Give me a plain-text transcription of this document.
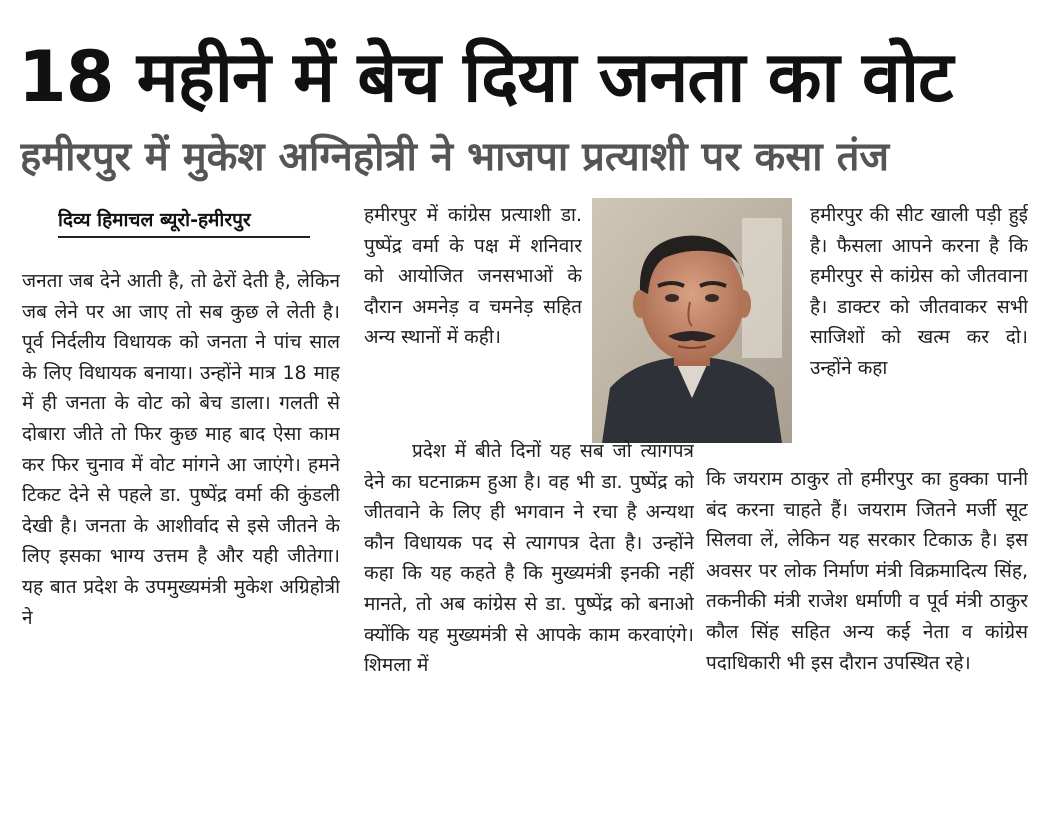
18 महीने में बेच दिया जनता का वोट
हमीरपुर में मुकेश अग्निहोत्री ने भाजपा प्रत्याशी पर कसा तंज
दिव्य हिमाचल ब्यूरो-हमीरपुर

जनता जब देने आती है, तो ढेरों देती है, लेकिन जब लेने पर आ जाए तो सब कुछ ले लेती है। पूर्व निर्दलीय विधायक को जनता ने पांच साल के लिए विधायक बनाया। उन्होंने मात्र 18 माह में ही जनता के वोट को बेच डाला। गलती से दोबारा जीते तो फिर कुछ माह बाद ऐसा काम कर फिर चुनाव में वोट मांगने आ जाएंगे। हमने टिकट देने से पहले डा. पुष्पेंद्र वर्मा की कुंडली देखी है। जनता के आशीर्वाद से इसे जीतने के लिए इसका भाग्य उत्तम है और यही जीतेगा। यह बात प्रदेश के उपमुख्यमंत्री मुकेश अग्रिहोत्री ने

हमीरपुर में कांग्रेस प्रत्याशी डा. पुष्पेंद्र वर्मा के पक्ष में शनिवार को आयोजित जनसभाओं के दौरान अमनेड़ व चमनेड़ सहित अन्य स्थानों में कही।

प्रदेश में बीते दिनों यह सब जो त्यागपत्र देने का घटनाक्रम हुआ है। वह भी डा. पुष्पेंद्र को जीतवाने के लिए ही भगवान ने रचा है अन्यथा कौन विधायक पद से त्यागपत्र देता है। उन्होंने कहा कि यह कहते है कि मुख्यमंत्री इनकी नहीं मानते, तो अब कांग्रेस से डा. पुष्पेंद्र को बनाओ क्योंकि यह मुख्यमंत्री से आपके काम करवाएंगे। शिमला में

हमीरपुर की सीट खाली पड़ी हुई है। फैसला आपने करना है कि हमीरपुर से कांग्रेस को जीतवाना है। डाक्टर को जीतवाकर सभी साजिशों को खत्म कर दो। उन्होंने कहा

कि जयराम ठाकुर तो हमीरपुर का हुक्का पानी बंद करना चाहते हैं। जयराम जितने मर्जी सूट सिलवा लें, लेकिन यह सरकार टिकाऊ है। इस अवसर पर लोक निर्माण मंत्री विक्रमादित्य सिंह, तकनीकी मंत्री राजेश धर्माणी व पूर्व मंत्री ठाकुर कौल सिंह सहित अन्य कई नेता व कांग्रेस पदाधिकारी भी इस दौरान उपस्थित रहे।
